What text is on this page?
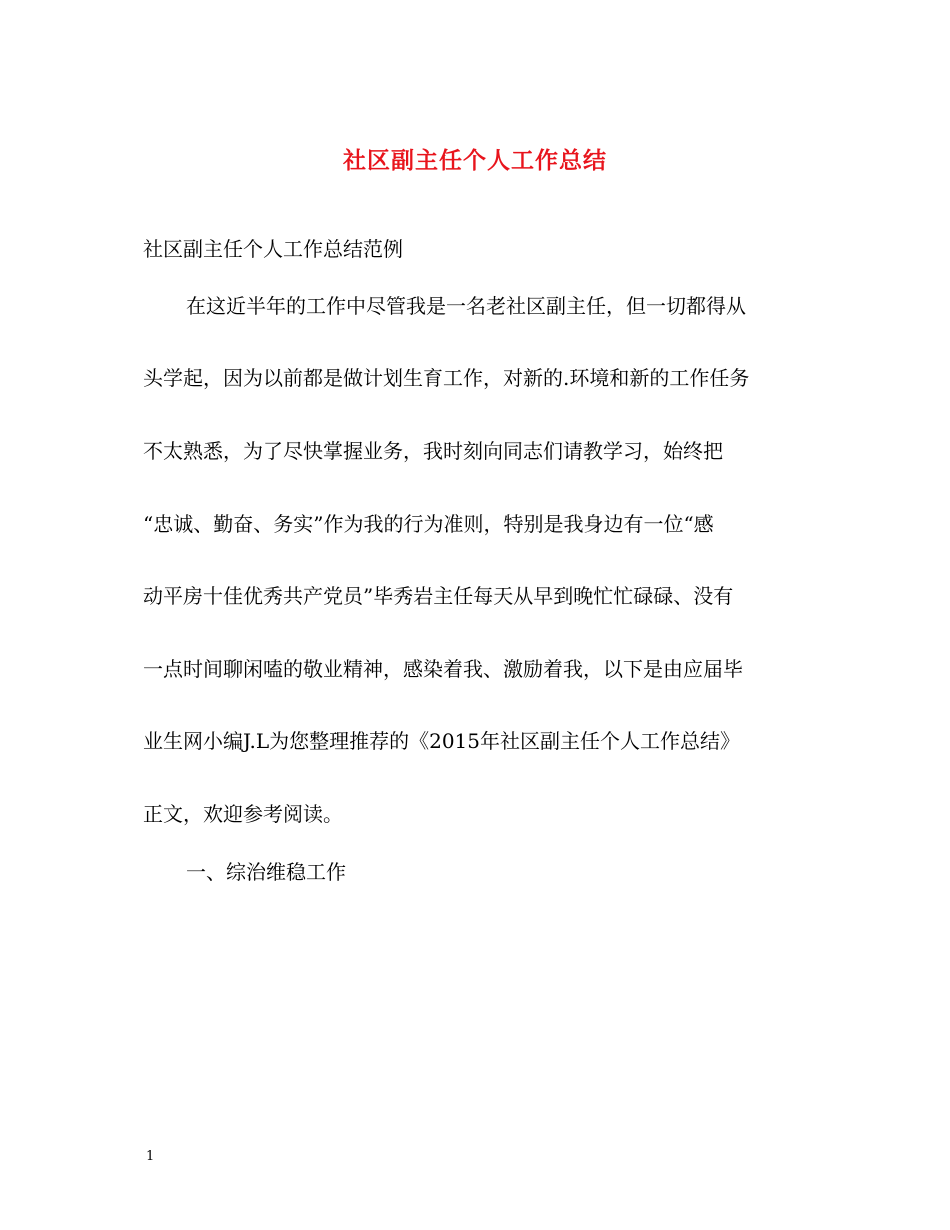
社区副主任个人工作总结
社区副主任个人工作总结范例
在这近半年的工作中尽管我是一名老社区副主任，但一切都得从
头学起，因为以前都是做计划生育工作，对新的.环境和新的工作任务
不太熟悉，为了尽快掌握业务，我时刻向同志们请教学习，始终把
“忠诚、勤奋、务实”作为我的行为准则，特别是我身边有一位“感
动平房十佳优秀共产党员”毕秀岩主任每天从早到晚忙忙碌碌、没有
一点时间聊闲嗑的敬业精神，感染着我、激励着我，以下是由应届毕
业生网小编J.L为您整理推荐的《2015年社区副主任个人工作总结》
正文，欢迎参考阅读。
一、综治维稳工作
1
